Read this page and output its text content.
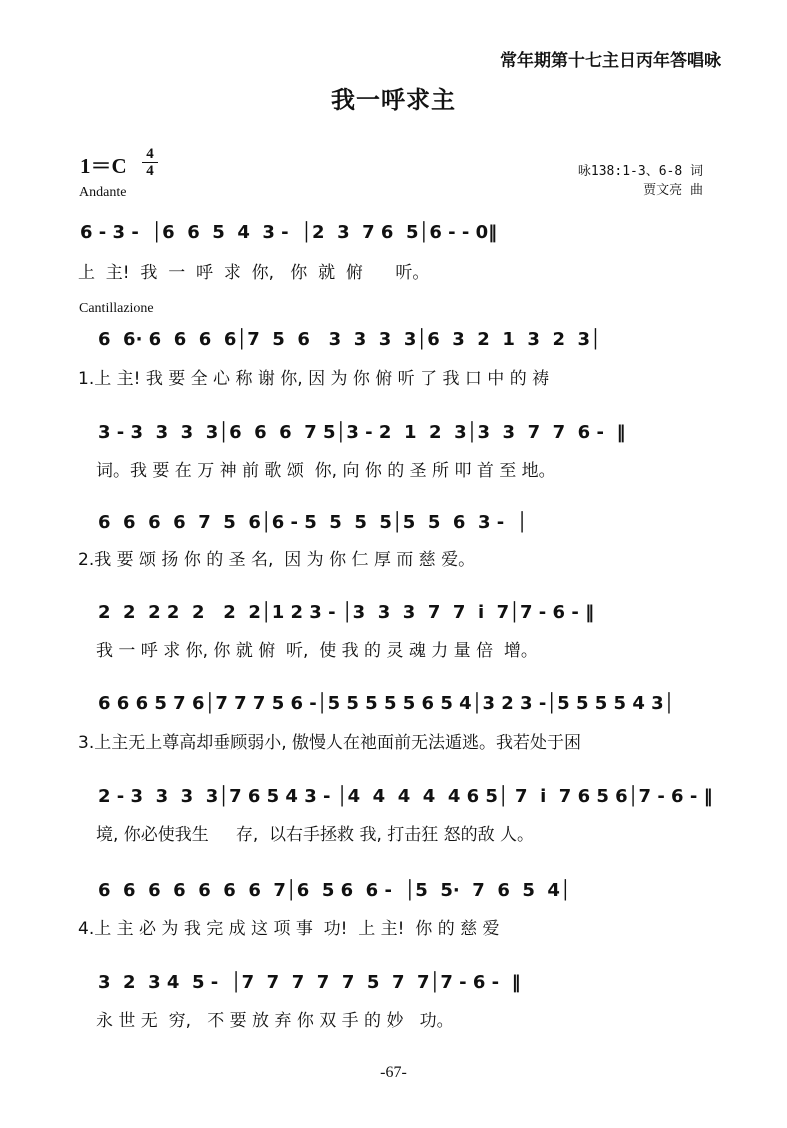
常年期第十七主日丙年答唱咏
我一呼求主
1＝C 4
4
Andante
咏138:1-3、6-8 词
贾文亮 曲
6 - 3 -  │6  6  5  4  3 -  │2  3  7 6  5│6 - - 0‖
上  主!  我  一  呼  求  你,   你  就  俯      听。
Cantillazione
6  6· 6  6  6  6│7  5  6   3  3  3  3│6  3  2  1  3  2  3│
1.上 主! 我 要 全 心 称 谢 你, 因 为 你 俯 听 了 我 口 中 的 祷
3 - 3  3  3  3│6  6  6  7 5│3 - 2  1  2  3│3  3  7  7  6 -  ‖
词。我 要 在 万 神 前 歌 颂  你, 向 你 的 圣 所 叩 首 至 地。
6  6  6  6  7  5  6│6 - 5  5  5  5│5  5  6  3 -  │
2.我 要 颂 扬 你 的 圣 名,  因 为 你 仁 厚 而 慈 爱。
2  2  2 2  2   2  2│1 2 3 - │3  3  3  7  7  i  7│7 - 6 - ‖
我 一 呼 求 你, 你 就 俯  听,  使 我 的 灵 魂 力 量 倍  增。
6 6 6 5 7 6│7 7 7 5 6 -│5 5 5 5 5 6 5 4│3 2 3 -│5 5 5 5 4 3│
3.上主无上尊高却垂顾弱小, 傲慢人在祂面前无法遁逃。我若处于困
2 - 3  3  3  3│7 6 5 4 3 - │4  4  4  4  4 6 5│ 7  i  7 6 5 6│7 - 6 - ‖
境, 你必使我生     存,  以右手拯救 我, 打击狂 怒的敌 人。
6  6  6  6  6  6  6  7│6  5 6  6 -  │5  5·  7  6  5  4│
4.上 主 必 为 我 完 成 这 项 事  功!  上 主!  你 的 慈 爱
3  2  3 4  5 -  │7  7  7  7  7  5  7  7│7 - 6 -  ‖
永 世 无  穷,   不 要 放 弃 你 双 手 的 妙   功。
-67-
